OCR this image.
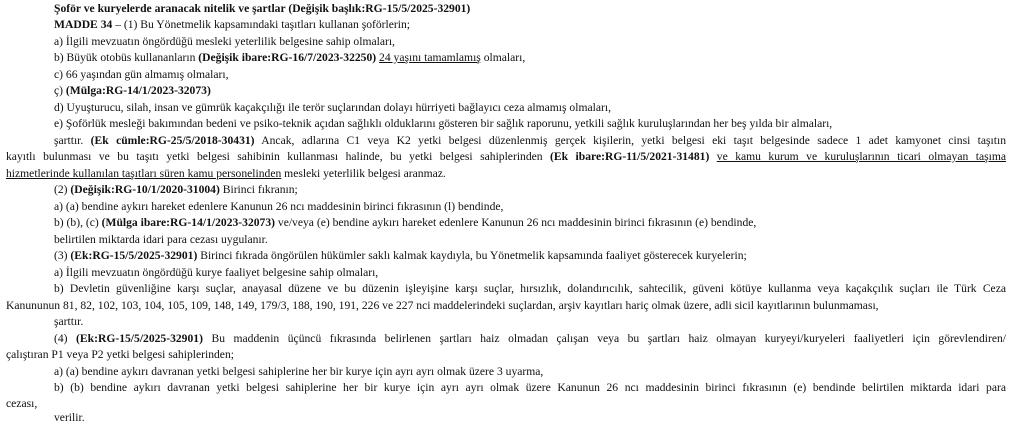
Şoför ve kuryelerde aranacak nitelik ve şartlar (Değişik başlık:RG-15/5/2025-32901)
MADDE 34 – (1) Bu Yönetmelik kapsamındaki taşıtları kullanan şoförlerin;
a) İlgili mevzuatın öngördüğü mesleki yeterlilik belgesine sahip olmaları,
b) Büyük otobüs kullananların (Değişik ibare:RG-16/7/2023-32250) 24 yaşını tamamlamış olmaları,
c) 66 yaşından gün almamış olmaları,
ç) (Mülga:RG-14/1/2023-32073)
d) Uyuşturucu, silah, insan ve gümrük kaçakçılığı ile terör suçlarından dolayı hürriyeti bağlayıcı ceza almamış olmaları,
e) Şoförlük mesleği bakımından bedeni ve psiko-teknik açıdan sağlıklı olduklarını gösteren bir sağlık raporunu, yetkili sağlık kuruluşlarından her beş yılda bir almaları,
şarttır. (Ek cümle:RG-25/5/2018-30431) Ancak, adlarına C1 veya K2 yetki belgesi düzenlenmiş gerçek kişilerin, yetki belgesi eki taşıt belgesinde sadece 1 adet kamyonet cinsi taşıtın
kayıtlı bulunması ve bu taşıtı yetki belgesi sahibinin kullanması halinde, bu yetki belgesi sahiplerinden (Ek ibare:RG-11/5/2021-31481) ve kamu kurum ve kuruluşlarının ticari olmayan taşıma
hizmetlerinde kullanılan taşıtları süren kamu personelinden mesleki yeterlilik belgesi aranmaz.
(2) (Değişik:RG-10/1/2020-31004) Birinci fıkranın;
a) (a) bendine aykırı hareket edenlere Kanunun 26 ncı maddesinin birinci fıkrasının (l) bendinde,
b) (b), (c) (Mülga ibare:RG-14/1/2023-32073) ve/veya (e) bendine aykırı hareket edenlere Kanunun 26 ncı maddesinin birinci fıkrasının (e) bendinde,
belirtilen miktarda idari para cezası uygulanır.
(3) (Ek:RG-15/5/2025-32901) Birinci fıkrada öngörülen hükümler saklı kalmak kaydıyla, bu Yönetmelik kapsamında faaliyet gösterecek kuryelerin;
a) İlgili mevzuatın öngördüğü kurye faaliyet belgesine sahip olmaları,
b) Devletin güvenliğine karşı suçlar, anayasal düzene ve bu düzenin işleyişine karşı suçlar, hırsızlık, dolandırıcılık, sahtecilik, güveni kötüye kullanma veya kaçakçılık suçları ile Türk Ceza
Kanununun 81, 82, 102, 103, 104, 105, 109, 148, 149, 179/3, 188, 190, 191, 226 ve 227 nci maddelerindeki suçlardan, arşiv kayıtları hariç olmak üzere, adli sicil kayıtlarının bulunmaması,
şarttır.
(4) (Ek:RG-15/5/2025-32901) Bu maddenin üçüncü fıkrasında belirlenen şartları haiz olmadan çalışan veya bu şartları haiz olmayan kuryeyi/kuryeleri faaliyetleri için görevlendiren/
çalıştıran P1 veya P2 yetki belgesi sahiplerinden;
a) (a) bendine aykırı davranan yetki belgesi sahiplerine her bir kurye için ayrı ayrı olmak üzere 3 uyarma,
b) (b) bendine aykırı davranan yetki belgesi sahiplerine her bir kurye için ayrı ayrı olmak üzere Kanunun 26 ncı maddesinin birinci fıkrasının (e) bendinde belirtilen miktarda idari para
cezası,
verilir.
